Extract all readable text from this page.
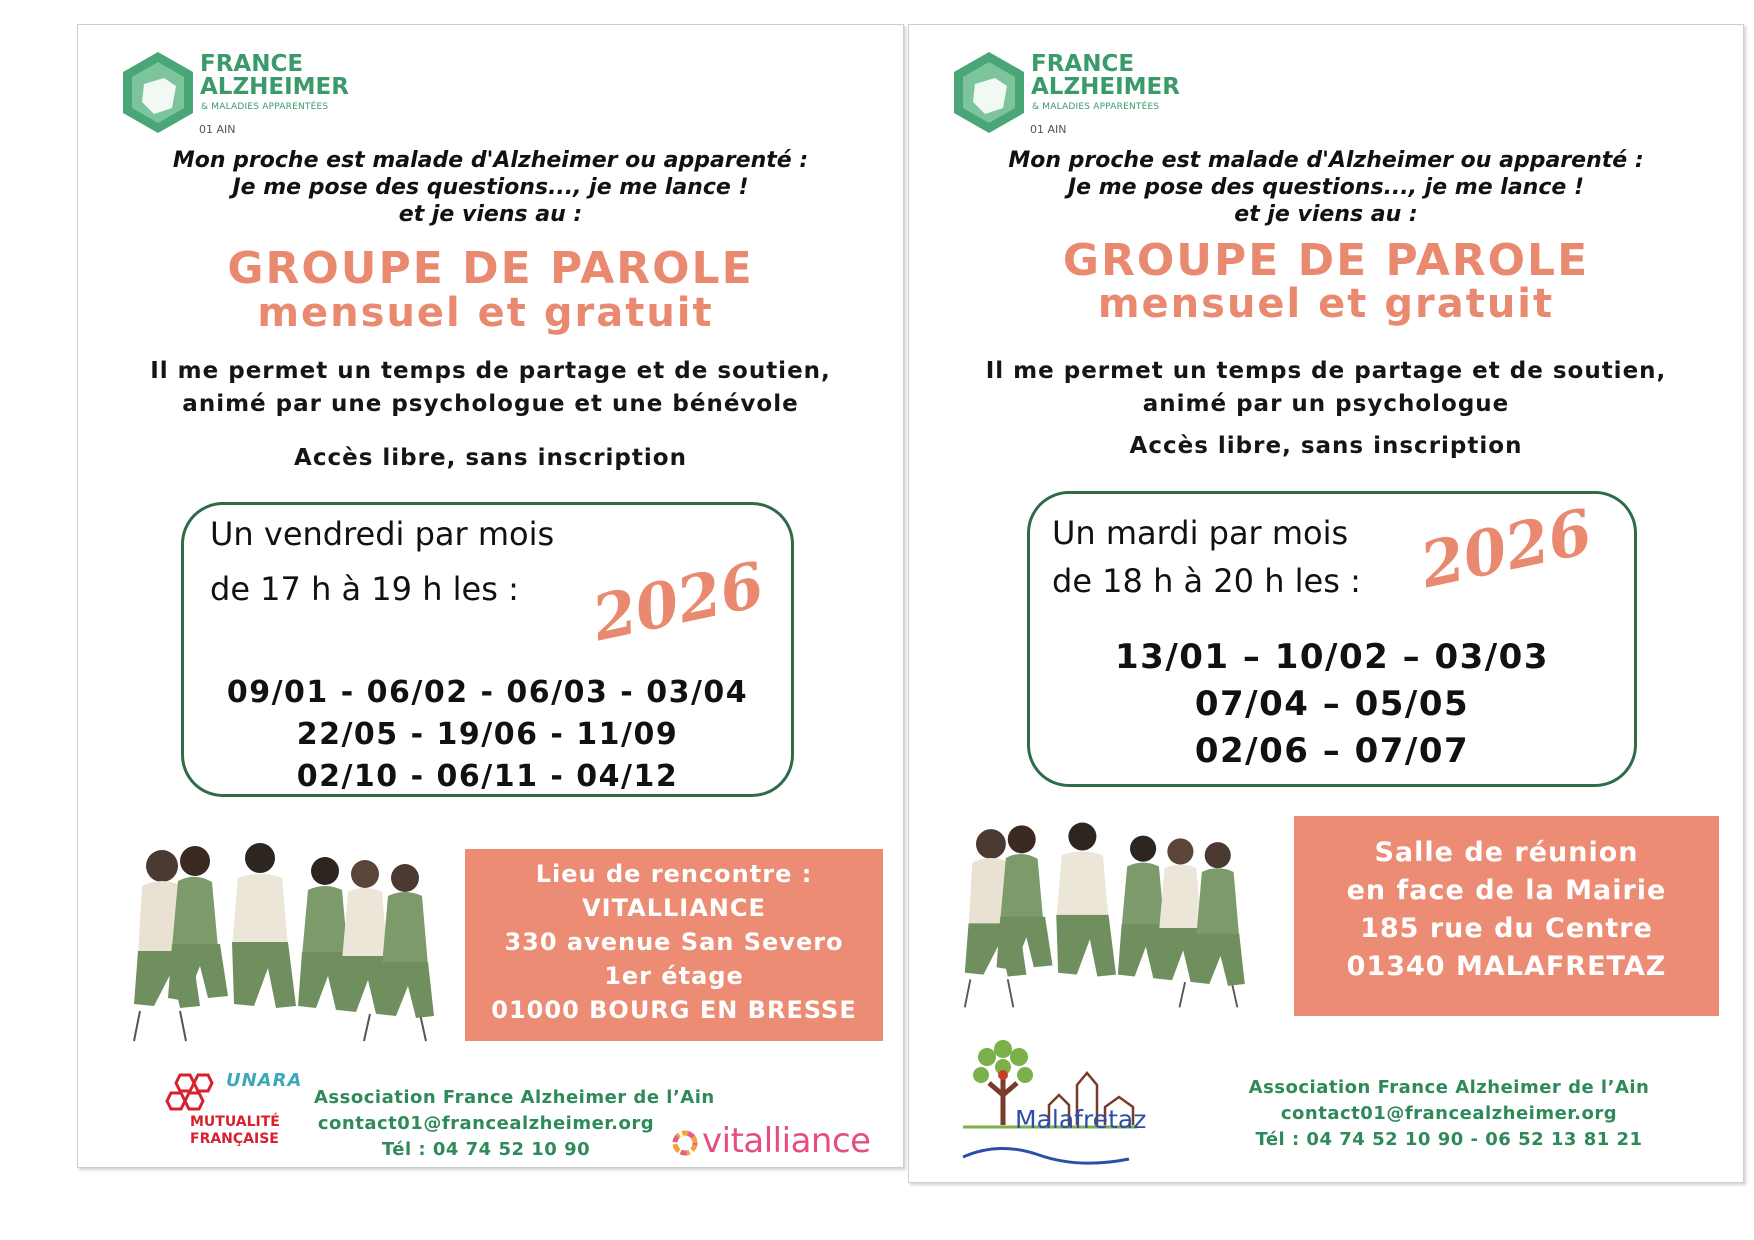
FRANCE
ALZHEIMER
& MALADIES APPARENTÉES
01 AIN
Mon proche est malade d'Alzheimer ou apparenté :
Je me pose des questions..., je me lance !
et je viens au :
GROUPE DE PAROLE
mensuel et gratuit
Il me permet un temps de partage et de soutien,
animé par une psychologue et une bénévole
Accès libre, sans inscription
Un vendredi par mois
de 17 h à 19 h les : 2026
09/01 - 06/02 - 06/03 - 03/04
22/05 - 19/06 - 11/09
02/10 - 06/11 - 04/12
Lieu de rencontre :
VITALLIANCE
330 avenue San Severo
1er étage
01000 BOURG EN BRESSE
UNARA
MUTUALITÉ
FRANÇAISE
Association France Alzheimer de l’Ain
contact01@francealzheimer.org
Tél : 04 74 52 10 90	vitalliance
FRANCE
ALZHEIMER
& MALADIES APPARENTÉES
01 AIN
Mon proche est malade d'Alzheimer ou apparenté :
Je me pose des questions..., je me lance !
et je viens au :
GROUPE DE PAROLE
mensuel et gratuit
Il me permet un temps de partage et de soutien,
animé par un psychologue
Accès libre, sans inscription
Un mardi par mois
de 18 h à 20 h les : 2026
13/01 – 10/02 – 03/03
07/04 – 05/05
02/06 – 07/07
Salle de réunion
en face de la Mairie
185 rue du Centre
01340 MALAFRETAZ
Malafretaz
Association France Alzheimer de l’Ain
contact01@francealzheimer.org
Tél : 04 74 52 10 90 - 06 52 13 81 21
